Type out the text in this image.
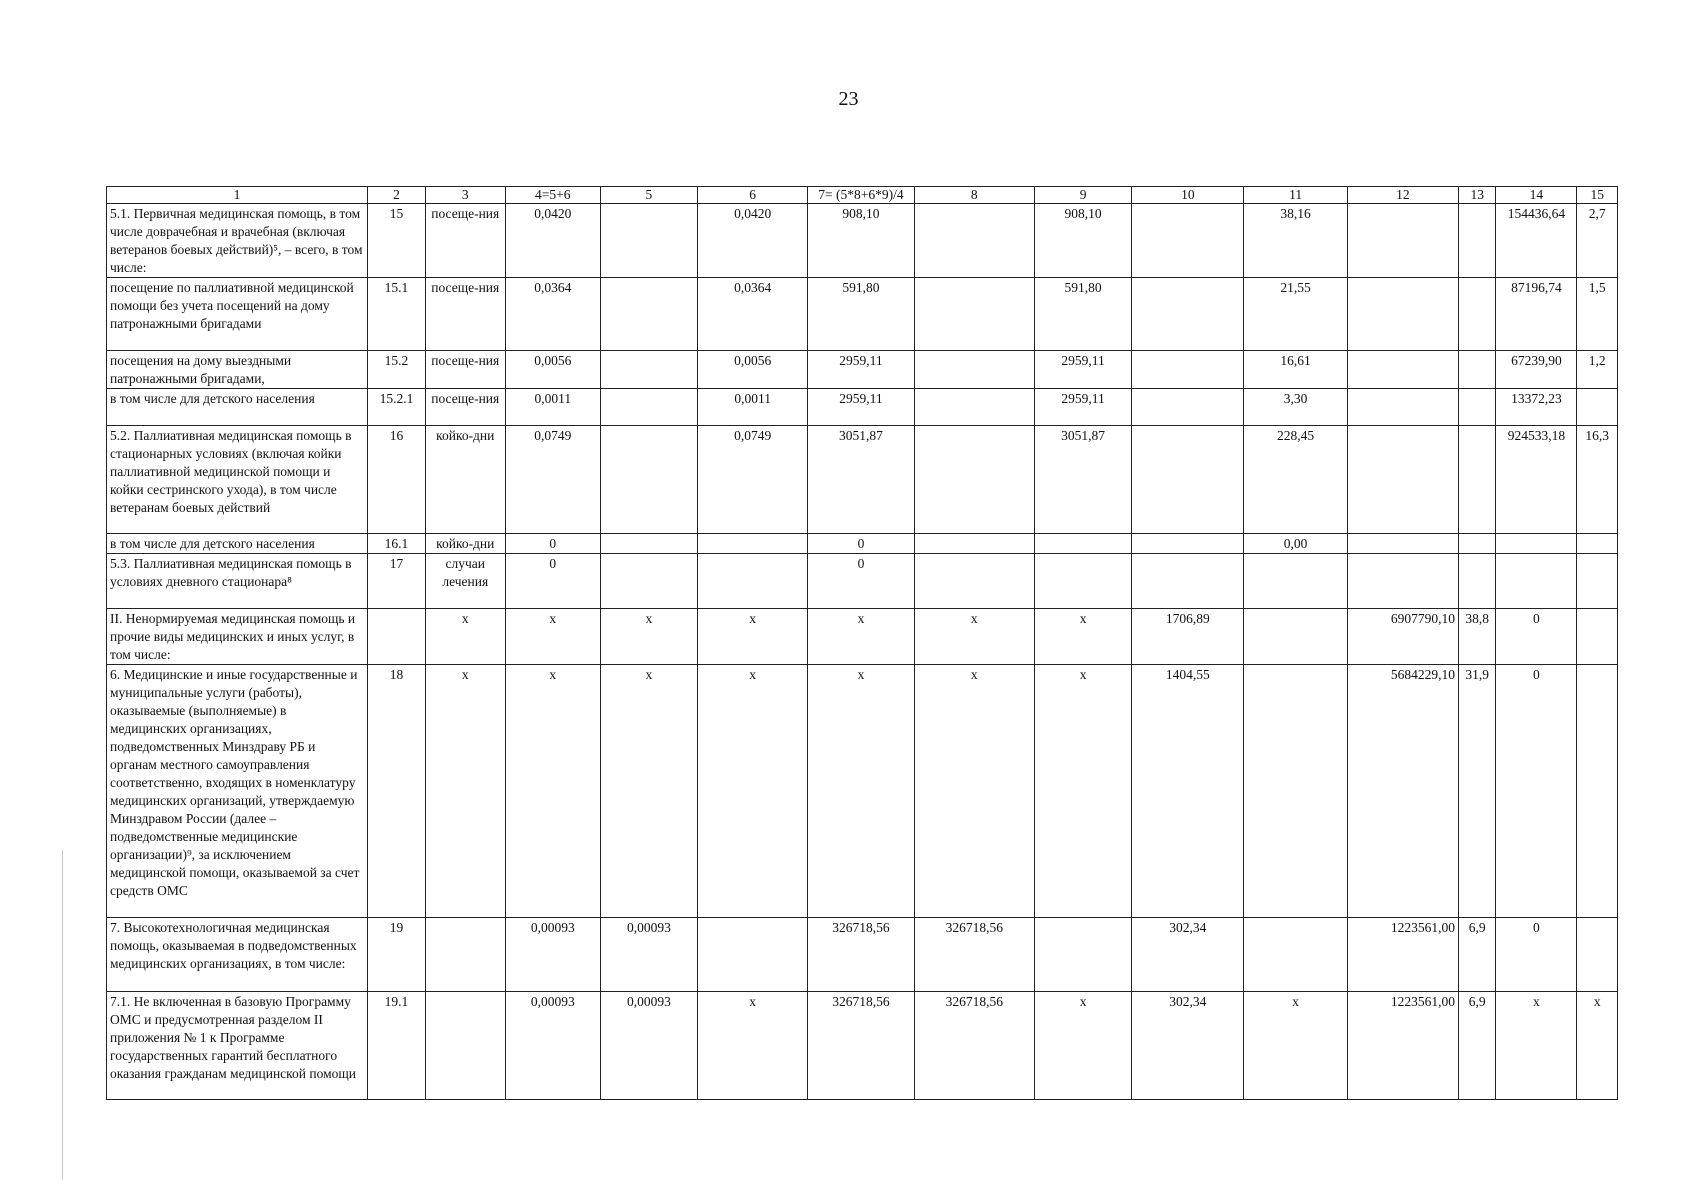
23
1	2	3	4=5+6	5	6	7= (5*8+6*9)/4	8	9	10	11	12	13	14	15
5.1. Первичная медицинская помощь, в том числе доврачебная и врачебная (включая ветеранов боевых действий)⁵, – всего, в том числе:	15	посеще-ния	0,0420		0,0420	908,10		908,10		38,16			154436,64	2,7
посещение по паллиативной медицинской помощи без учета посещений на дому патронажными бригадами	15.1	посеще-ния	0,0364		0,0364	591,80		591,80		21,55			87196,74	1,5
посещения на дому выездными патронажными бригадами,	15.2	посеще-ния	0,0056		0,0056	2959,11		2959,11		16,61			67239,90	1,2
в том числе для детского населения	15.2.1	посеще-ния	0,0011		0,0011	2959,11		2959,11		3,30			13372,23	
5.2. Паллиативная медицинская помощь в стационарных условиях (включая койки паллиативной медицинской помощи и койки сестринского ухода), в том числе ветеранам боевых действий	16	койко-дни	0,0749		0,0749	3051,87		3051,87		228,45			924533,18	16,3
в том числе для детского населения	16.1	койко-дни	0			0				0,00				
5.3. Паллиативная медицинская помощь в условиях дневного стационара⁸	17	случаи лечения	0			0								
II. Ненормируемая медицинская помощь и прочие виды медицинских и иных услуг, в том числе:		x	x	x	x	x	x	x	1706,89		6907790,10	38,8	0	
6. Медицинские и иные государственные и муниципальные услуги (работы), оказываемые (выполняемые) в медицинских организациях, подведомственных Минздраву РБ и органам местного самоуправления соответственно, входящих в номенклатуру медицинских организаций, утверждаемую Минздравом России (далее – подведомственные медицинские организации)⁹, за исключением медицинской помощи, оказываемой за счет средств ОМС	18	x	x	x	x	x	x	x	1404,55		5684229,10	31,9	0	
7. Высокотехнологичная медицинская помощь, оказываемая в подведомственных медицинских организациях, в том числе:	19		0,00093	0,00093		326718,56	326718,56		302,34		1223561,00	6,9	0	
7.1. Не включенная в базовую Программу ОМС и предусмотренная разделом II приложения № 1 к Программе государственных гарантий бесплатного оказания гражданам медицинской помощи	19.1		0,00093	0,00093	x	326718,56	326718,56	x	302,34	x	1223561,00	6,9	x	x
